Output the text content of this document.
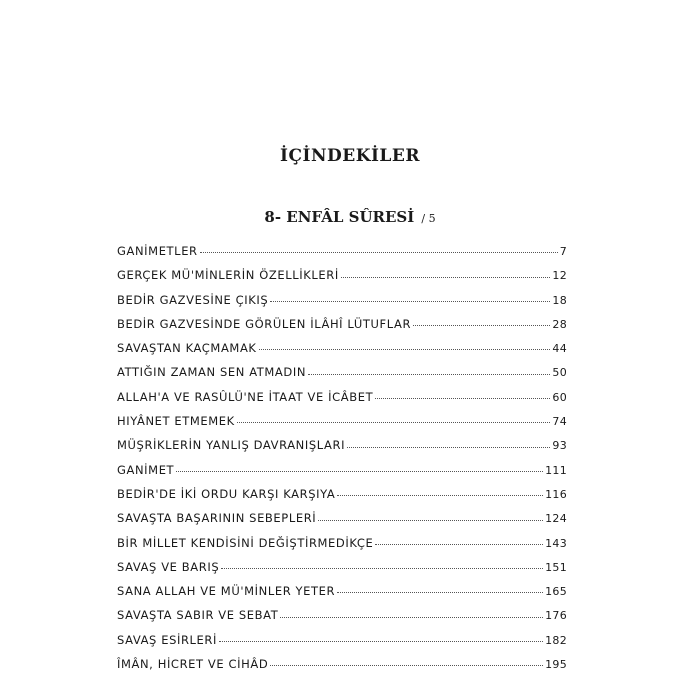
İÇİNDEKİLER
8- ENFÂL SÛRESİ / 5
GANİMETLER	7
GERÇEK MÜ'MİNLERİN ÖZELLİKLERİ	12
BEDİR GAZVESİNE ÇIKIŞ	18
BEDİR GAZVESİNDE GÖRÜLEN İLÂHÎ LÜTUFLAR	28
SAVAŞTAN KAÇMAMAK	44
ATTIĞIN ZAMAN SEN ATMADIN	50
ALLAH'A VE RASÛLÜ'NE İTAAT VE İCÂBET	60
HIYÂNET ETMEMEK	74
MÜŞRİKLERİN YANLIŞ DAVRANIŞLARI	93
GANİMET	111
BEDİR'DE İKİ ORDU KARŞI KARŞIYA	116
SAVAŞTA BAŞARININ SEBEPLERİ	124
BİR MİLLET KENDİSİNİ DEĞİŞTİRMEDİKÇE	143
SAVAŞ VE BARIŞ	151
SANA ALLAH VE MÜ'MİNLER YETER	165
SAVAŞTA SABIR VE SEBAT	176
SAVAŞ ESİRLERİ	182
ÎMÂN, HİCRET VE CİHÂD	195
